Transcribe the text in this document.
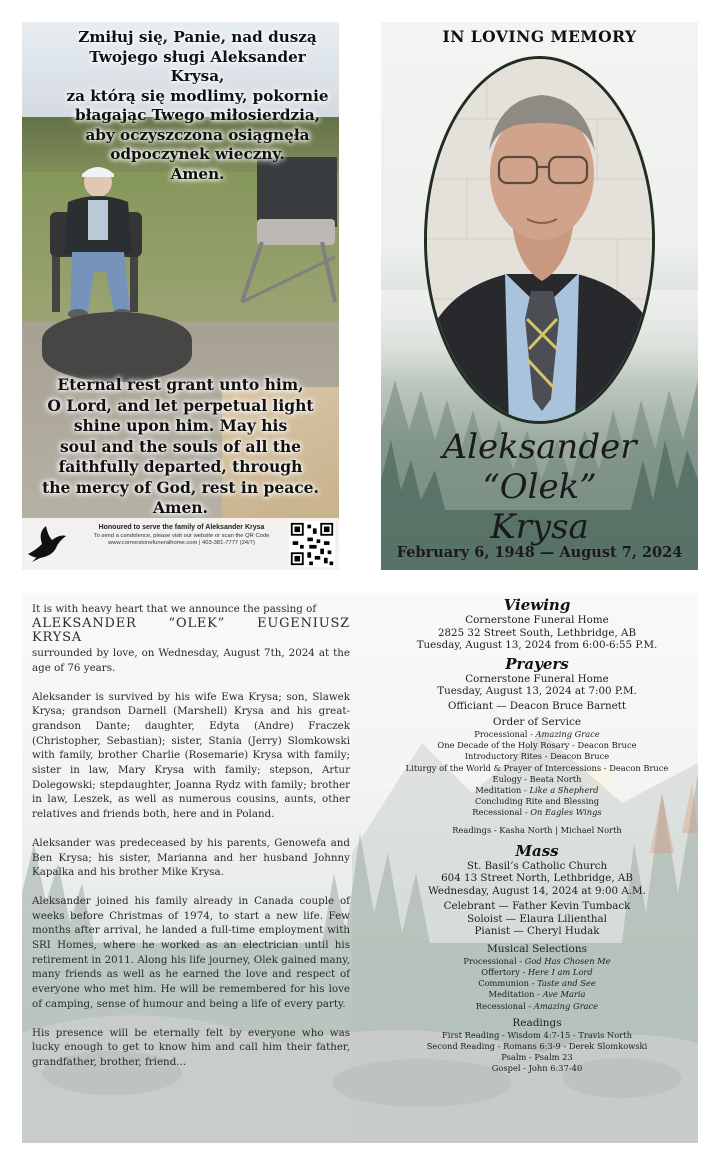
Zmiłuj się, Panie, nad duszą
Twojego sługi Aleksander Krysa,
za którą się modlimy, pokornie
błagając Twego miłosierdzia,
aby oczyszczona osiągnęła
odpoczynek wieczny.
Amen.
Eternal rest grant unto him,
O Lord, and let perpetual light
shine upon him. May his
soul and the souls of all the
faithfully departed, through
the mercy of God, rest in peace.
Amen.
Honoured to serve the family of Aleksander Krysa
To send a condolence, please visit our website or scan the QR Code
www.cornerstonefuneralhome.com | 403-381-7777 (24/7)
IN LOVING MEMORY
Aleksander “Olek”
Krysa
February 6, 1948 — August 7, 2024

It is with heavy heart that we announce the passing of
ALEKSANDER “OLEK” EUGENIUSZ KRYSA
surrounded by love, on Wednesday, August 7th, 2024 at the age of 76 years.

Aleksander is survived by his wife Ewa Krysa; son, Slawek Krysa; grandson Darnell (Marshell) Krysa and his great-grandson Dante; daughter, Edyta (Andre) Fraczek (Christopher, Sebastian); sister, Stania (Jerry) Slomkowski with family, brother Charlie (Rosemarie) Krysa with family; sister in law, Mary Krysa with family; stepson, Artur Dolegowski; stepdaughter, Joanna Rydz with family; brother in law, Leszek, as well as numerous cousins, aunts, other relatives and friends both, here and in Poland.

Aleksander was predeceased by his parents, Genowefa and Ben Krysa; his sister, Marianna and her husband Johnny Kapalka and his brother Mike Krysa.

Aleksander joined his family already in Canada couple of weeks before Christmas of 1974, to start a new life. Few months after arrival, he landed a full-time employment with SRI Homes, where he worked as an electrician until his retirement in 2011. Along his life journey, Olek gained many, many friends as well as he earned the love and respect of everyone who met him. He will be remembered for his love of camping, sense of humour and being a life of every party.

His presence will be eternally felt by everyone who was lucky enough to get to know him and call him their father, grandfather, brother, friend...

Viewing
Cornerstone Funeral Home
2825 32 Street South, Lethbridge, AB
Tuesday, August 13, 2024 from 6:00-6:55 P.M.
Prayers
Cornerstone Funeral Home
Tuesday, August 13, 2024 at 7:00 P.M.
Officiant — Deacon Bruce Barnett
Order of Service
Processional - Amazing Grace
One Decade of the Holy Rosary - Deacon Bruce
Introductory Rites - Deacon Bruce
Liturgy of the World & Prayer of Intercessions - Deacon Bruce
Eulogy - Beata North
Meditation - Like a Shepherd
Concluding Rite and Blessing
Recessional - On Eagles Wings
Readings - Kasha North | Michael North
Mass
St. Basil’s Catholic Church
604 13 Street North, Lethbridge, AB
Wednesday, August 14, 2024 at 9:00 A.M.
Celebrant — Father Kevin Tumback
Soloist — Elaura Lilienthal
Pianist — Cheryl Hudak
Musical Selections
Processional - God Has Chosen Me
Offertory - Here I am Lord
Communion - Taste and See
Meditation - Ave Maria
Recessional - Amazing Grace
Readings
First Reading - Wisdom 4:7-15 - Travis North
Second Reading - Romans 6:3-9 - Derek Slomkowski
Psalm - Psalm 23
Gospel - John 6:37-40
